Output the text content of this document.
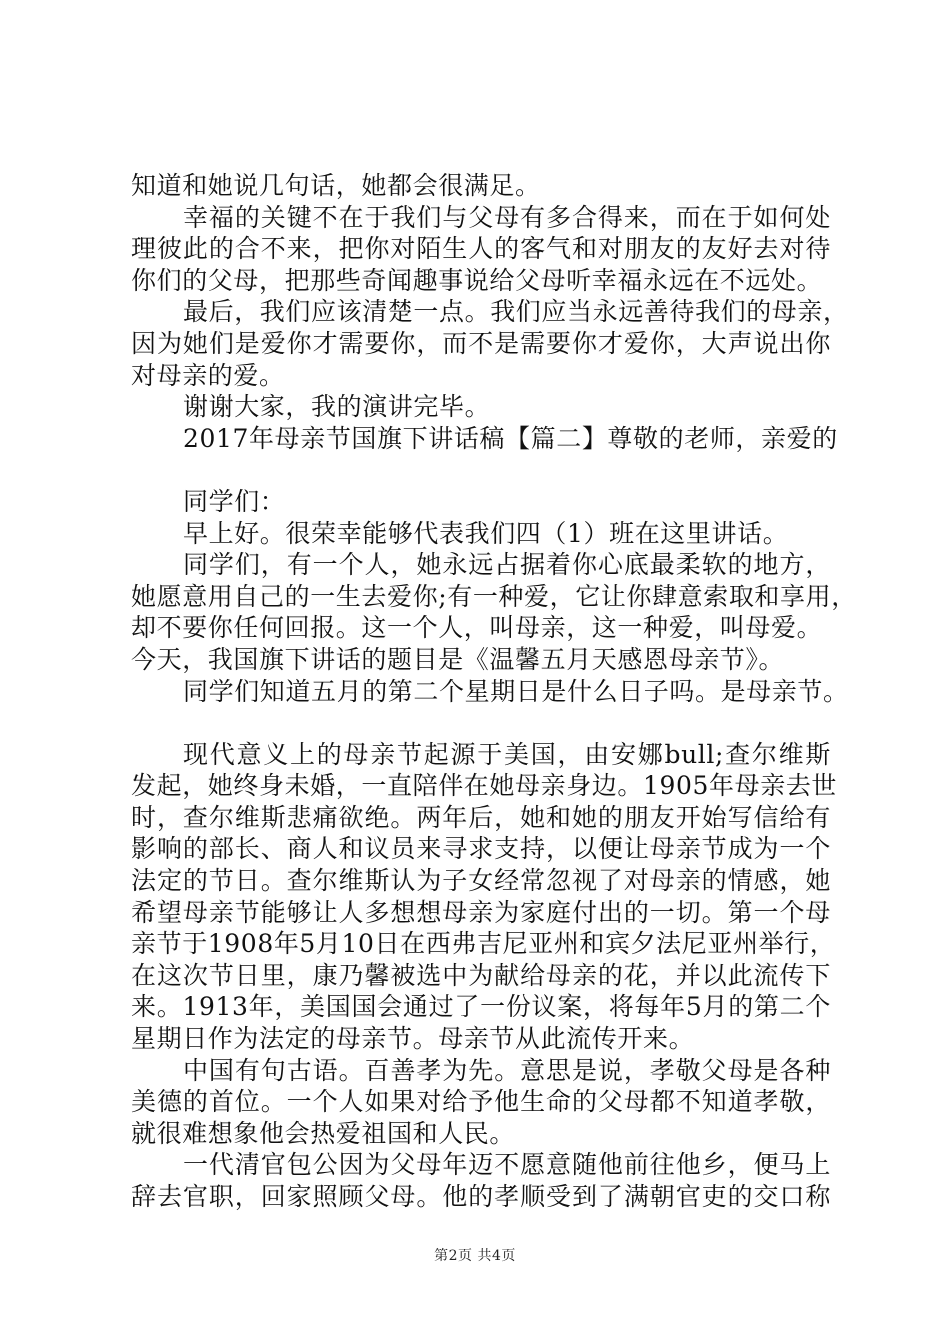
知道和她说几句话，她都会很满足。
幸福的关键不在于我们与父母有多合得来，而在于如何处
理彼此的合不来，把你对陌生人的客气和对朋友的友好去对待
你们的父母，把那些奇闻趣事说给父母听幸福永远在不远处。
最后，我们应该清楚一点。我们应当永远善待我们的母亲，
因为她们是爱你才需要你，而不是需要你才爱你，大声说出你
对母亲的爱。
谢谢大家，我的演讲完毕。
2017年母亲节国旗下讲话稿【篇二】尊敬的老师，亲爱的
同学们：
早上好。很荣幸能够代表我们四（1）班在这里讲话。
同学们，有一个人，她永远占据着你心底最柔软的地方，
她愿意用自己的一生去爱你;有一种爱，它让你肆意索取和享用，
却不要你任何回报。这一个人，叫母亲，这一种爱，叫母爱。
今天，我国旗下讲话的题目是《温馨五月天感恩母亲节》。
同学们知道五月的第二个星期日是什么日子吗。是母亲节。
现代意义上的母亲节起源于美国，由安娜bull;查尔维斯
发起，她终身未婚，一直陪伴在她母亲身边。1905年母亲去世
时，查尔维斯悲痛欲绝。两年后，她和她的朋友开始写信给有
影响的部长、商人和议员来寻求支持，以便让母亲节成为一个
法定的节日。查尔维斯认为子女经常忽视了对母亲的情感，她
希望母亲节能够让人多想想母亲为家庭付出的一切。第一个母
亲节于1908年5月10日在西弗吉尼亚州和宾夕法尼亚州举行，
在这次节日里，康乃馨被选中为献给母亲的花，并以此流传下
来。1913年，美国国会通过了一份议案，将每年5月的第二个
星期日作为法定的母亲节。母亲节从此流传开来。
中国有句古语。百善孝为先。意思是说，孝敬父母是各种
美德的首位。一个人如果对给予他生命的父母都不知道孝敬，
就很难想象他会热爱祖国和人民。
一代清官包公因为父母年迈不愿意随他前往他乡，便马上
辞去官职，回家照顾父母。他的孝顺受到了满朝官吏的交口称
第2页 共4页
